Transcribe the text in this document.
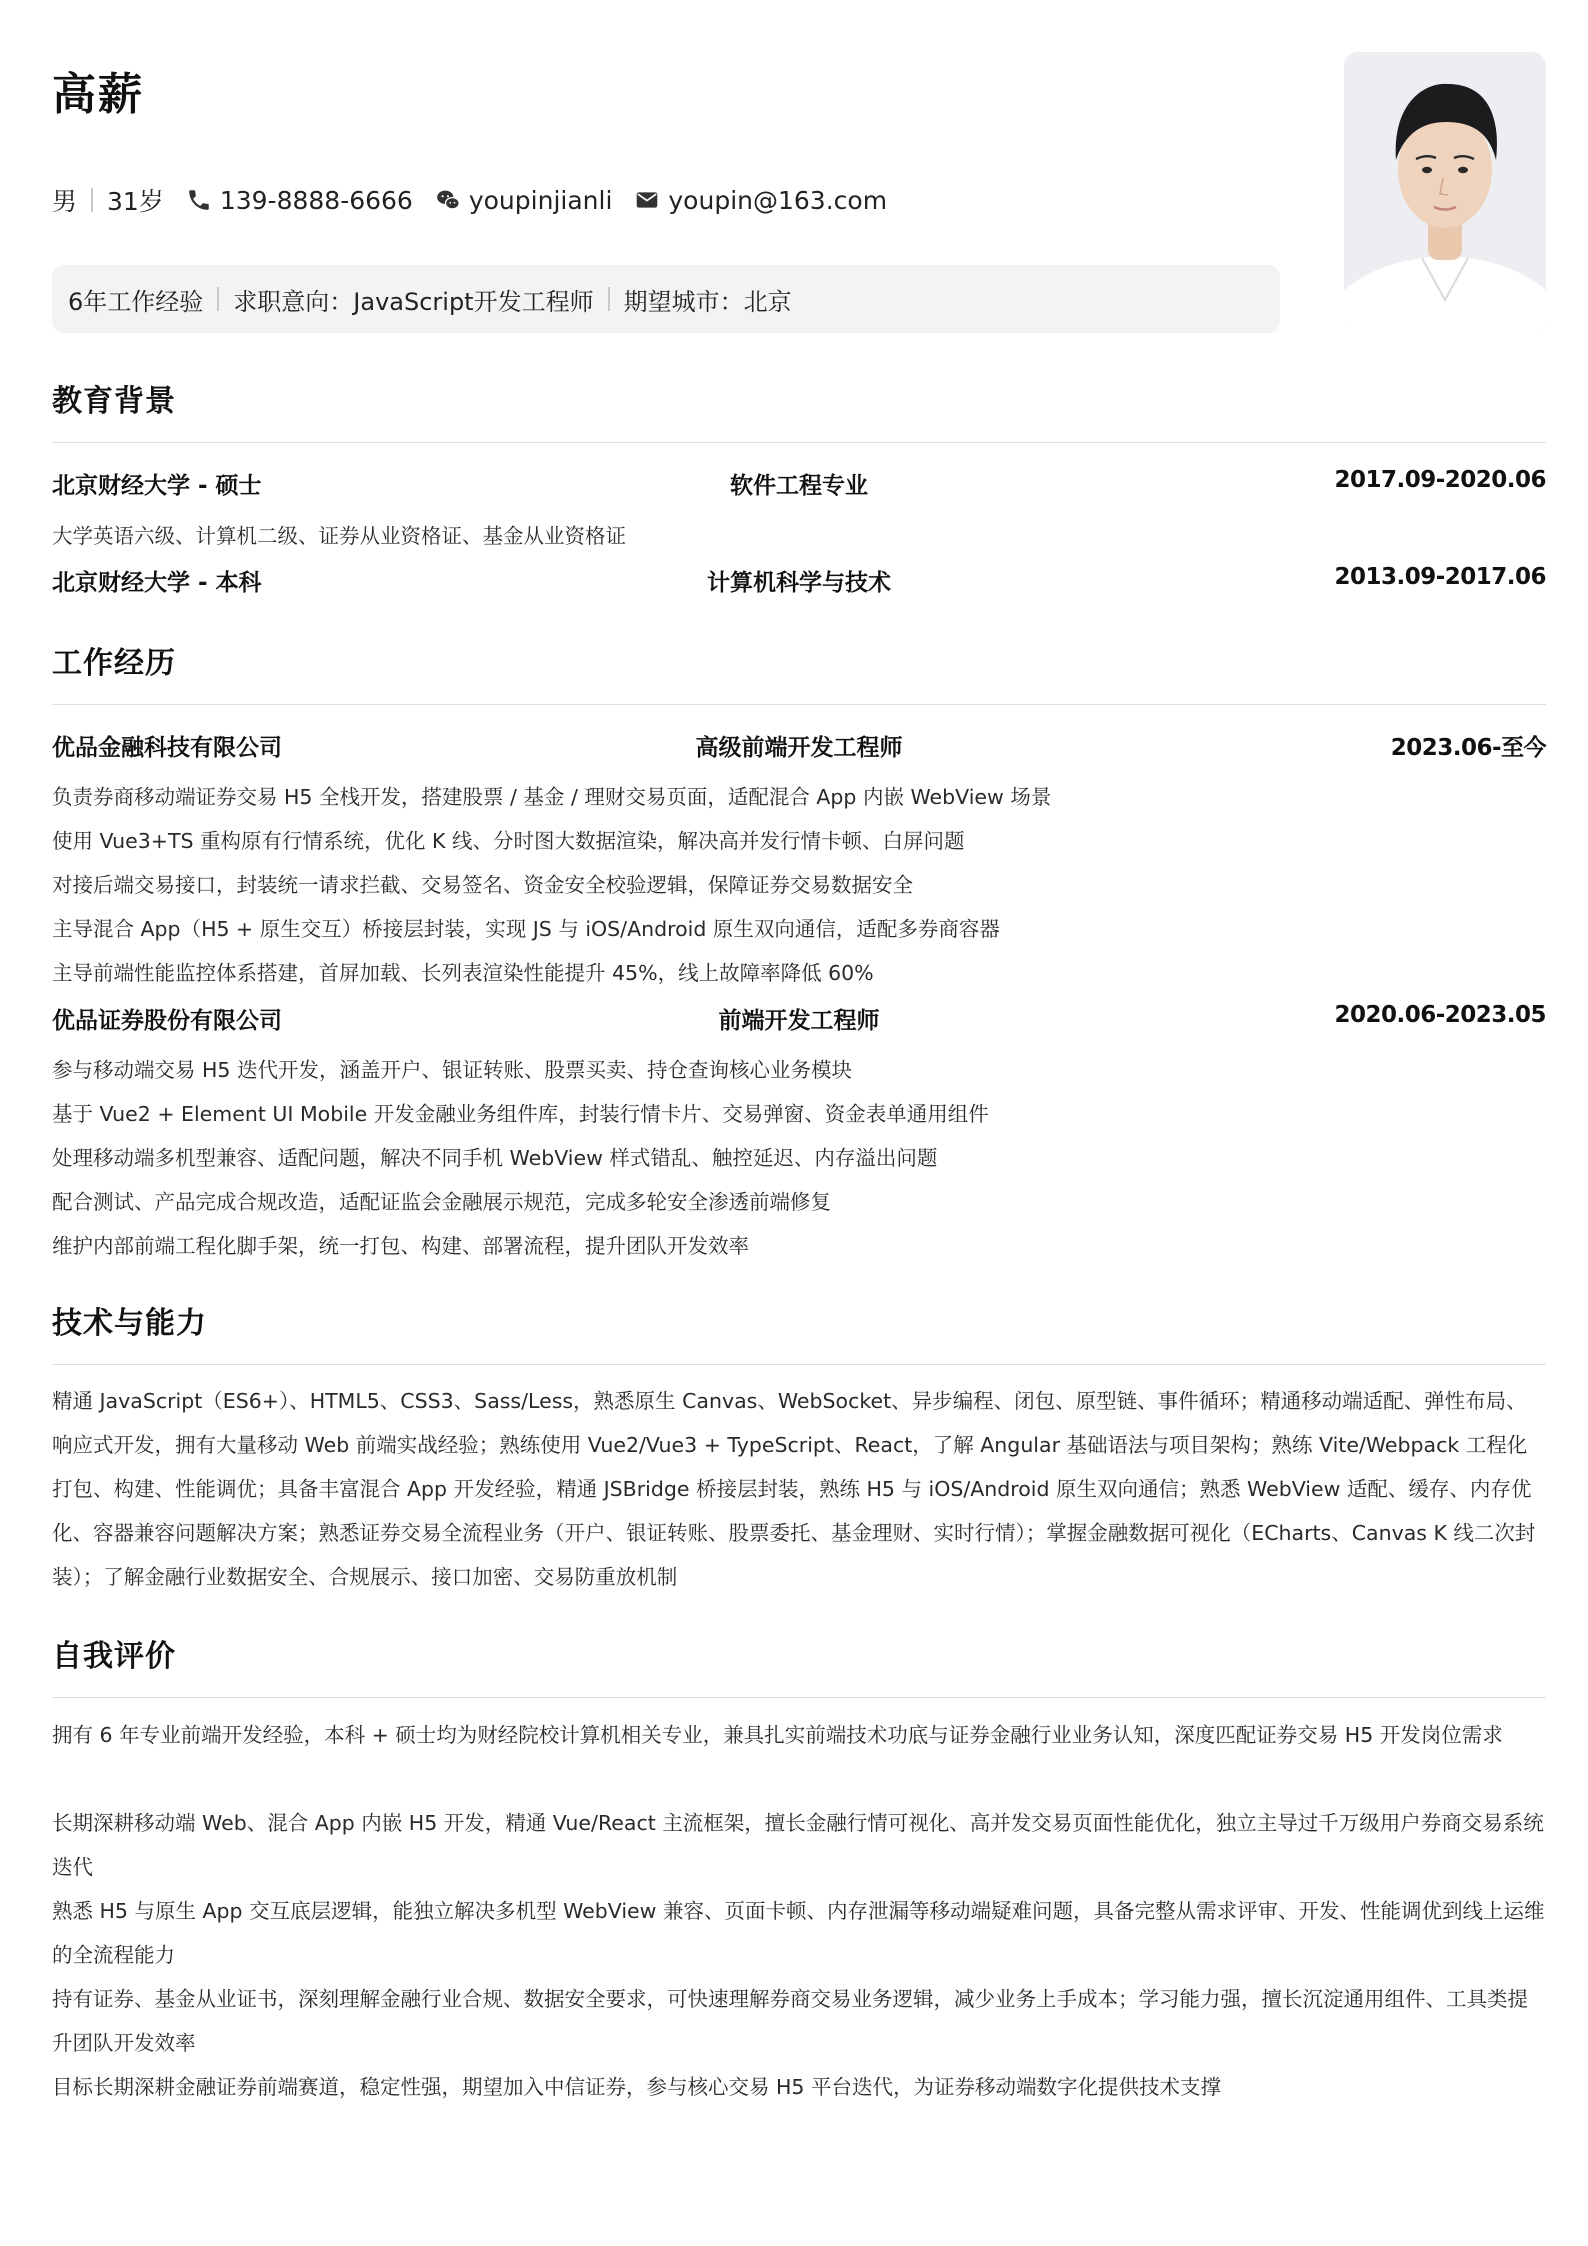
高薪
男 31岁 139-8888-6666 youpinjianli youpin@163.com
6年工作经验 求职意向：JavaScript开发工程师 期望城市：北京
教育背景
北京财经大学 - 硕士	软件工程专业	2017.09-2020.06
大学英语六级、计算机二级、证券从业资格证、基金从业资格证
北京财经大学 - 本科	计算机科学与技术	2013.09-2017.06
工作经历
优品金融科技有限公司	高级前端开发工程师	2023.06-至今
负责券商移动端证券交易 H5 全栈开发，搭建股票 / 基金 / 理财交易页面，适配混合 App 内嵌 WebView 场景
使用 Vue3+TS 重构原有行情系统，优化 K 线、分时图大数据渲染，解决高并发行情卡顿、白屏问题
对接后端交易接口，封装统一请求拦截、交易签名、资金安全校验逻辑，保障证券交易数据安全
主导混合 App（H5 + 原生交互）桥接层封装，实现 JS 与 iOS/Android 原生双向通信，适配多券商容器
主导前端性能监控体系搭建，首屏加载、长列表渲染性能提升 45%，线上故障率降低 60%
优品证券股份有限公司	前端开发工程师	2020.06-2023.05
参与移动端交易 H5 迭代开发，涵盖开户、银证转账、股票买卖、持仓查询核心业务模块
基于 Vue2 + Element UI Mobile 开发金融业务组件库，封装行情卡片、交易弹窗、资金表单通用组件
处理移动端多机型兼容、适配问题，解决不同手机 WebView 样式错乱、触控延迟、内存溢出问题
配合测试、产品完成合规改造，适配证监会金融展示规范，完成多轮安全渗透前端修复
维护内部前端工程化脚手架，统一打包、构建、部署流程，提升团队开发效率
技术与能力

精通 JavaScript（ES6+）、HTML5、CSS3、Sass/Less，熟悉原生 Canvas、WebSocket、异步编程、闭包、原型链、事件循环；精通移动端适配、弹性布局、响应式开发，拥有大量移动 Web 前端实战经验；熟练使用 Vue2/Vue3 + TypeScript、React，了解 Angular 基础语法与项目架构；熟练 Vite/Webpack 工程化打包、构建、性能调优；具备丰富混合 App 开发经验，精通 JSBridge 桥接层封装，熟练 H5 与 iOS/Android 原生双向通信；熟悉 WebView 适配、缓存、内存优化、容器兼容问题解决方案；熟悉证券交易全流程业务（开户、银证转账、股票委托、基金理财、实时行情）；掌握金融数据可视化（ECharts、Canvas K 线二次封装）；了解金融行业数据安全、合规展示、接口加密、交易防重放机制

自我评价

拥有 6 年专业前端开发经验，本科 + 硕士均为财经院校计算机相关专业，兼具扎实前端技术功底与证券金融行业业务认知，深度匹配证券交易 H5 开发岗位需求

长期深耕移动端 Web、混合 App 内嵌 H5 开发，精通 Vue/React 主流框架，擅长金融行情可视化、高并发交易页面性能优化，独立主导过千万级用户券商交易系统迭代

熟悉 H5 与原生 App 交互底层逻辑，能独立解决多机型 WebView 兼容、页面卡顿、内存泄漏等移动端疑难问题，具备完整从需求评审、开发、性能调优到线上运维的全流程能力

持有证券、基金从业证书，深刻理解金融行业合规、数据安全要求，可快速理解券商交易业务逻辑，减少业务上手成本；学习能力强，擅长沉淀通用组件、工具类提升团队开发效率

目标长期深耕金融证券前端赛道，稳定性强，期望加入中信证券，参与核心交易 H5 平台迭代，为证券移动端数字化提供技术支撑
